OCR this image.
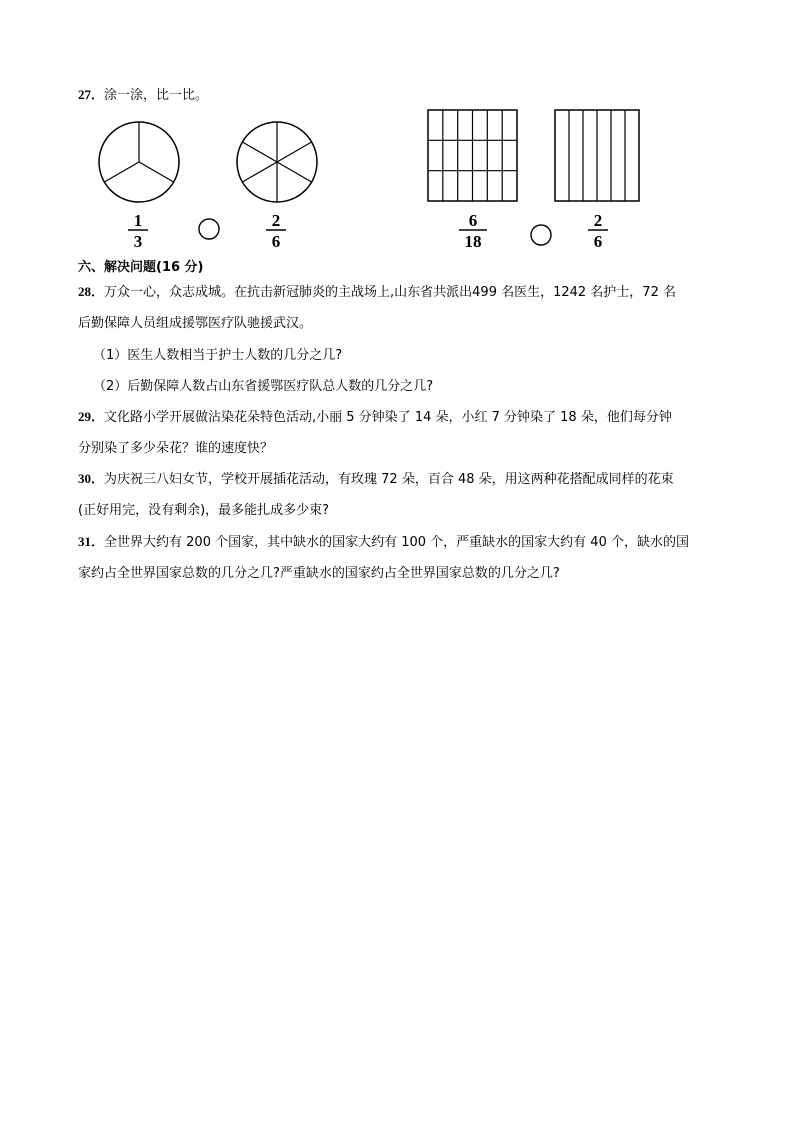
27．涂一涂，比一比。
1
3
2
6
6
18
2
6
六、解决问题(16 分)
28．万众一心，众志成城。在抗击新冠肺炎的主战场上,山东省共派出499 名医生，1242 名护士，72 名
后勤保障人员组成援鄂医疗队驰援武汉。
（1）医生人数相当于护士人数的几分之几?
（2）后勤保障人数占山东省援鄂医疗队总人数的几分之几?
29．文化路小学开展做沾染花朵特色活动,小丽 5 分钟染了 14 朵，小红 7 分钟染了 18 朵，他们每分钟
分别染了多少朵花？谁的速度快？
30．为庆祝三八妇女节，学校开展插花活动，有玫瑰 72 朵，百合 48 朵，用这两种花搭配成同样的花束
(正好用完，没有剩余)，最多能扎成多少束?
31．全世界大约有 200 个国家，其中缺水的国家大约有 100 个，严重缺水的国家大约有 40 个，缺水的国
家约占全世界国家总数的几分之几?严重缺水的国家约占全世界国家总数的几分之几?
